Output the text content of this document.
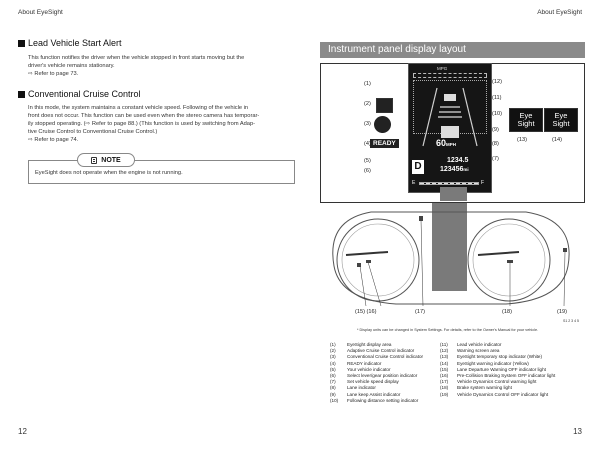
About EyeSight	About EyeSight
Lead Vehicle Start Alert
This function notifies the driver when the vehicle stopped in front starts moving but the
driver's vehicle remains stationary.
⇨ Refer to page 73.
Conventional Cruise Control
In this mode, the system maintains a constant vehicle speed. Following of the vehicle in
front does not occur. This function can be used even when the stereo camera has temporar-
ily stopped operating. (⇨ Refer to page 88.) (This function is used by switching from Adap-
tive Cruise Control to Conventional Cruise Control.)
⇨ Refer to page 74.
NOTE
EyeSight does not operate when the engine is not running.
12
Instrument panel display layout
MPG
60MPH
D
1234.5
123456mi
E	F
READY
(1)
(2)
(3)
(4)
(5)
(6)
(12)
(11)
(10)
(9)
(8)
(7)
Eye Sight
Eye Sight
(13)	(14)
(15) (16)	(17)	(18)	(19)
S1 2 3 4 5
* Display units can be changed in System Settings. For details, refer to the Owner's Manual for your vehicle.
(1)	EyeSight display area
(2)	Adaptive Cruise Control indicator
(3)	Conventional Cruise Control indicator
(4)	READY indicator
(5)	Your vehicle indicator
(6)	Select lever/gear position indicator
(7)	Set vehicle speed display
(8)	Lane indicator
(9)	Lane keep Assist indicator
(10)	Following distance setting indicator
(11)	Lead vehicle indicator
(12)	Warning screen area
(13)	EyeSight temporary stop indicator (White)
(14)	EyeSight warning indicator (Yellow)
(15)	Lane Departure Warning OFF indicator light
(16)	Pre-Collision Braking System OFF indicator light
(17)	Vehicle Dynamics Control warning light
(18)	Brake system warning light
(19)	Vehicle Dynamics Control OFF indicator light
13
